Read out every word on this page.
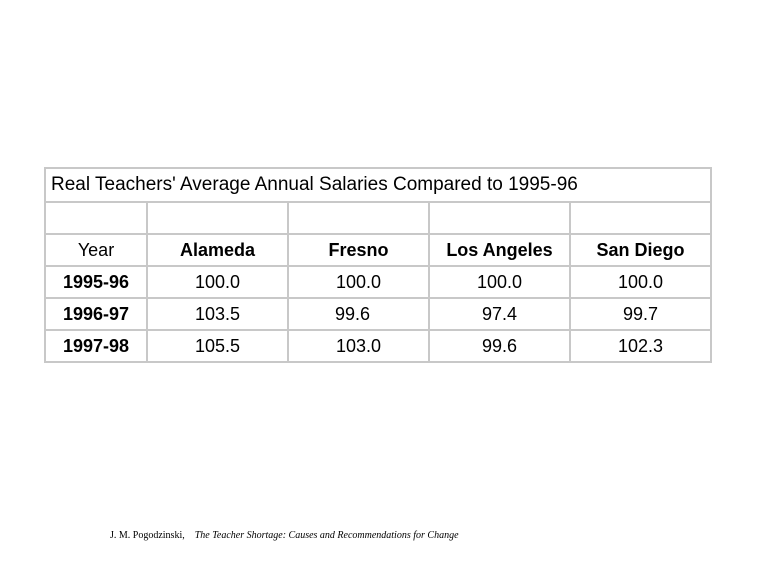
Real Teachers' Average Annual Salaries Compared to 1995-96				

Year	Alameda	Fresno	Los Angeles	San Diego
1995-96	100.0	100.0	100.0	100.0
1996-97	103.5	99.6	97.4	99.7
1997-98	105.5	103.0	99.6	102.3
J. M. Pogodzinski, The Teacher Shortage: Causes and Recommendations for Change
